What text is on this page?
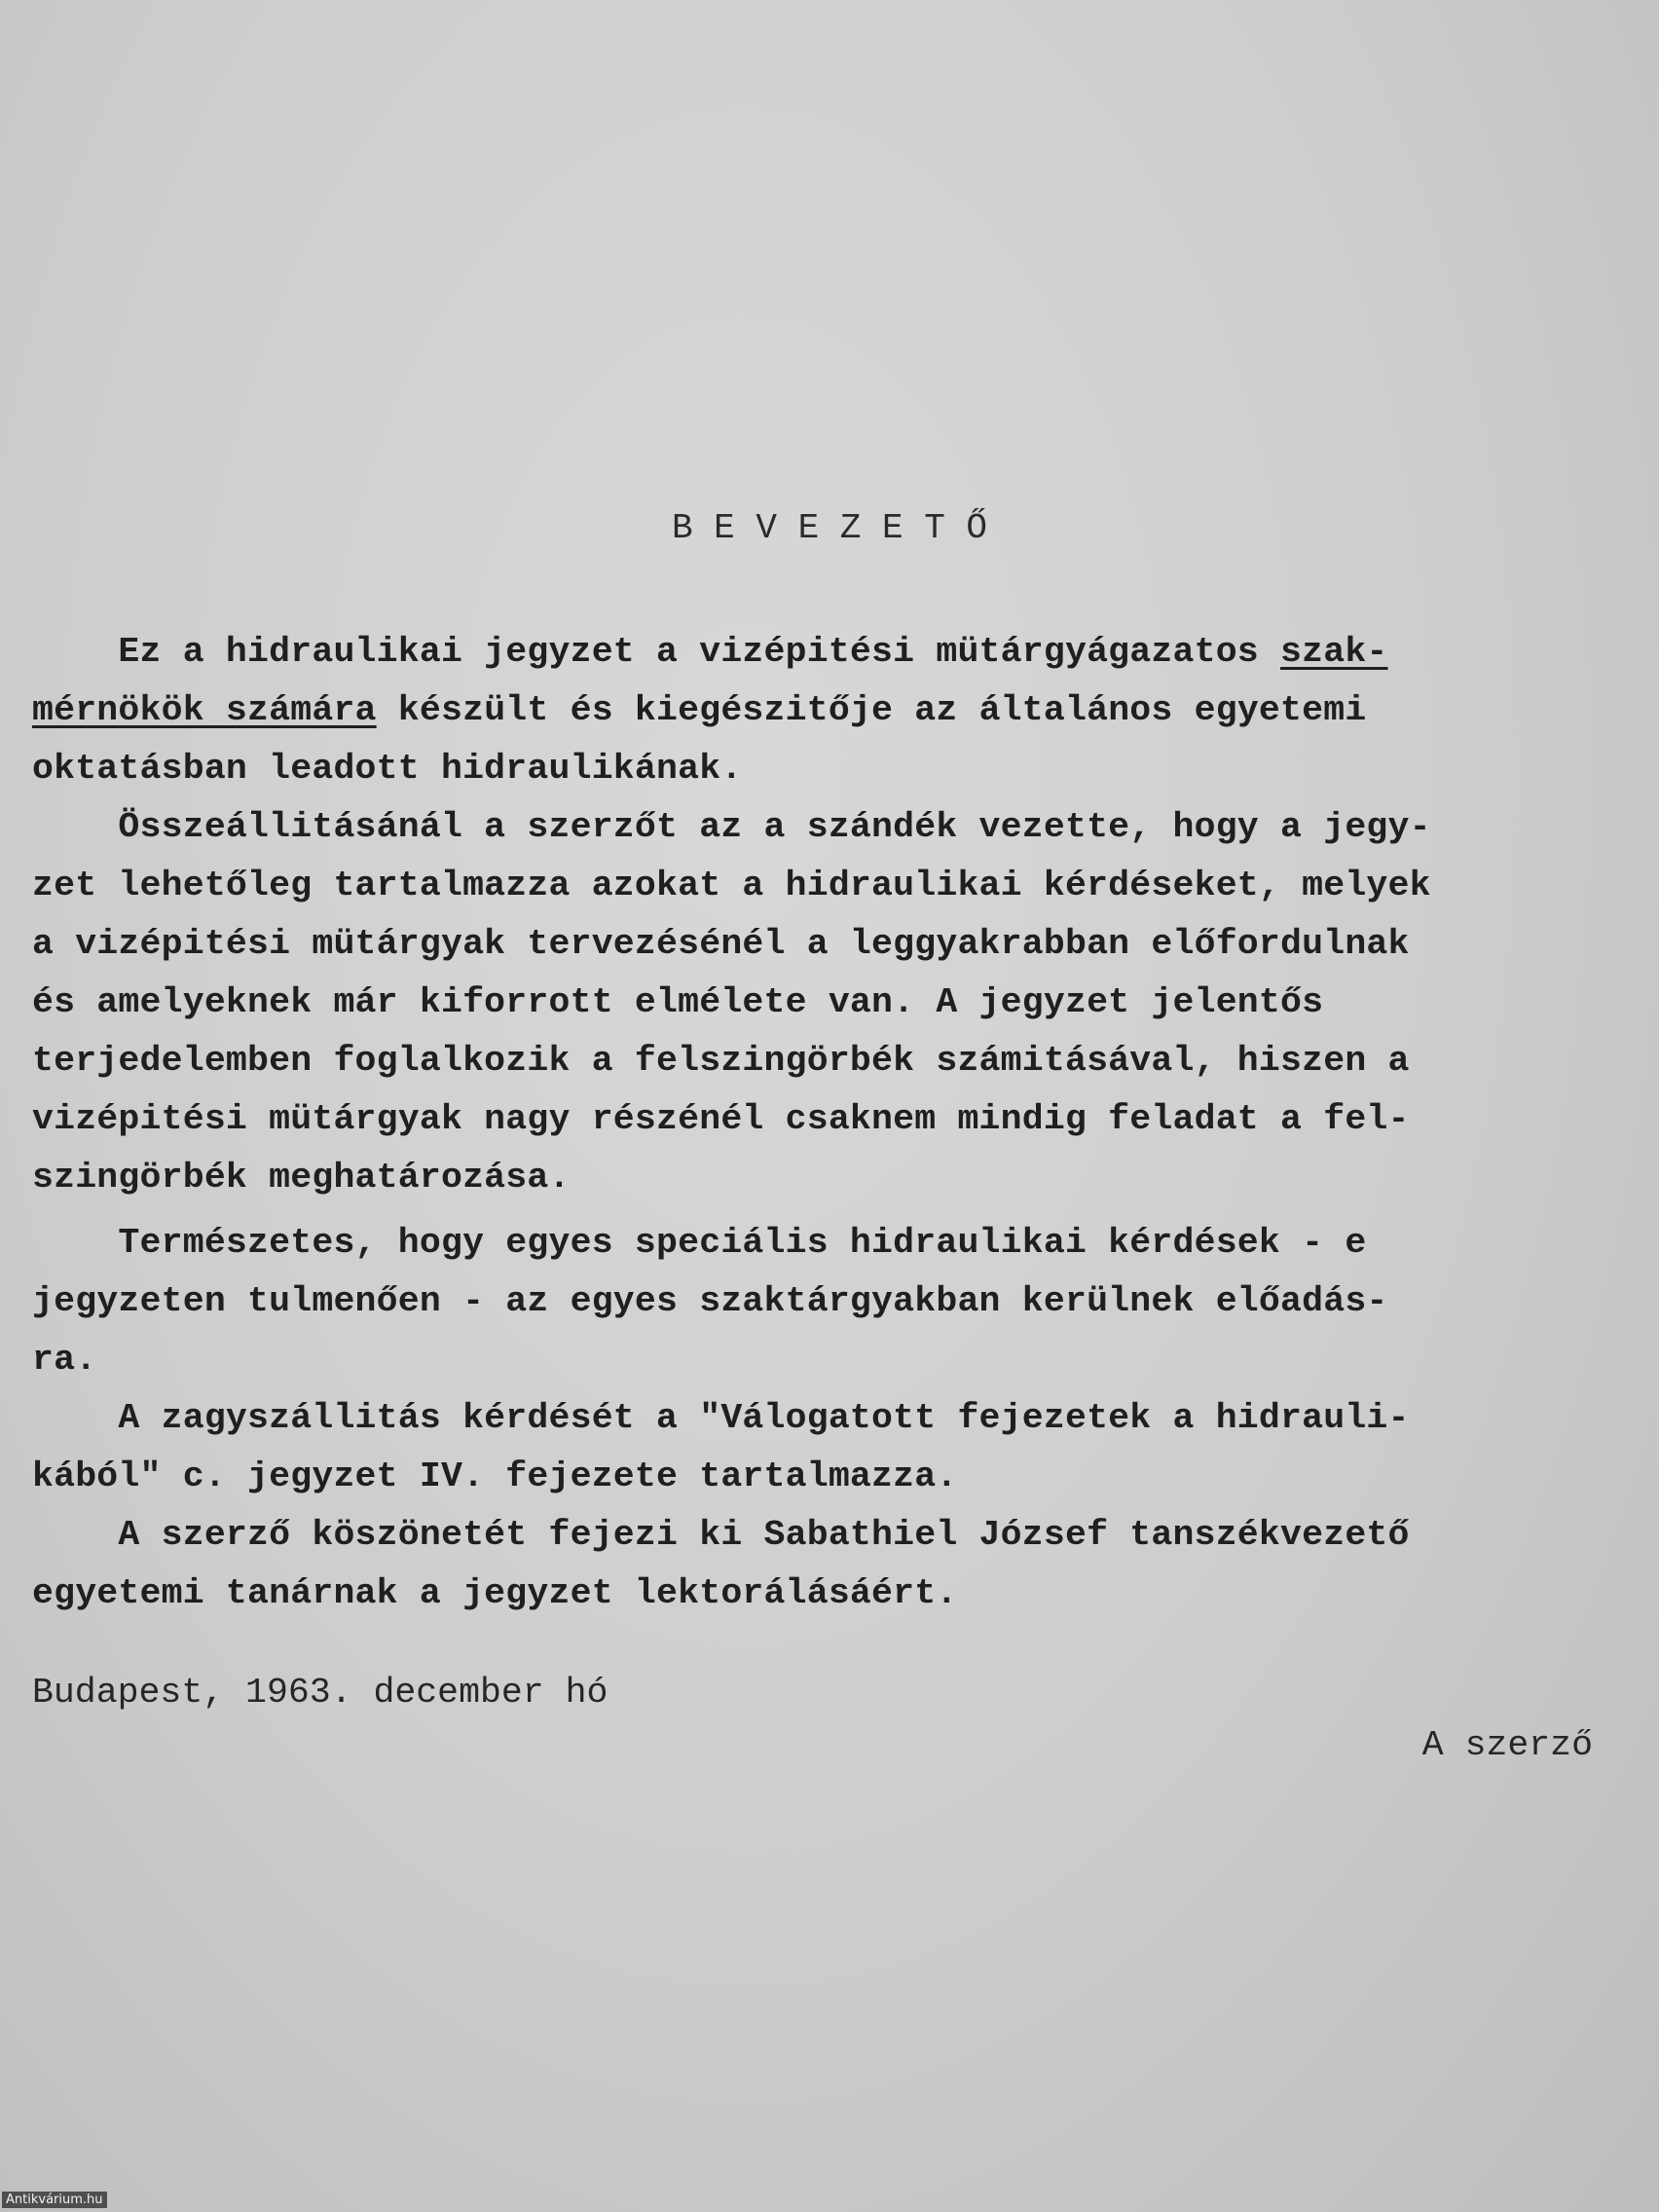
B E V E Z E T Ő
Ez a hidraulikai jegyzet a vizépitési mütárgyágazatos szak-
mérnökök számára készült és kiegészitője az általános egyetemi
oktatásban leadott hidraulikának.
Összeállitásánál a szerzőt az a szándék vezette, hogy a jegy-
zet lehetőleg tartalmazza azokat a hidraulikai kérdéseket, melyek
a vizépitési mütárgyak tervezésénél a leggyakrabban előfordulnak
és amelyeknek már kiforrott elmélete van. A jegyzet jelentős
terjedelemben foglalkozik a felszingörbék számitásával, hiszen a
vizépitési mütárgyak nagy részénél csaknem mindig feladat a fel-
szingörbék meghatározása.
Természetes, hogy egyes speciális hidraulikai kérdések - e
jegyzeten tulmenően - az egyes szaktárgyakban kerülnek előadás-
ra.
A zagyszállitás kérdését a "Válogatott fejezetek a hidrauli-
kából" c. jegyzet IV. fejezete tartalmazza.
A szerző köszönetét fejezi ki Sabathiel József tanszékvezető
egyetemi tanárnak a jegyzet lektorálásáért.
Budapest, 1963. december hó
A szerző
Antikvárium.hu
